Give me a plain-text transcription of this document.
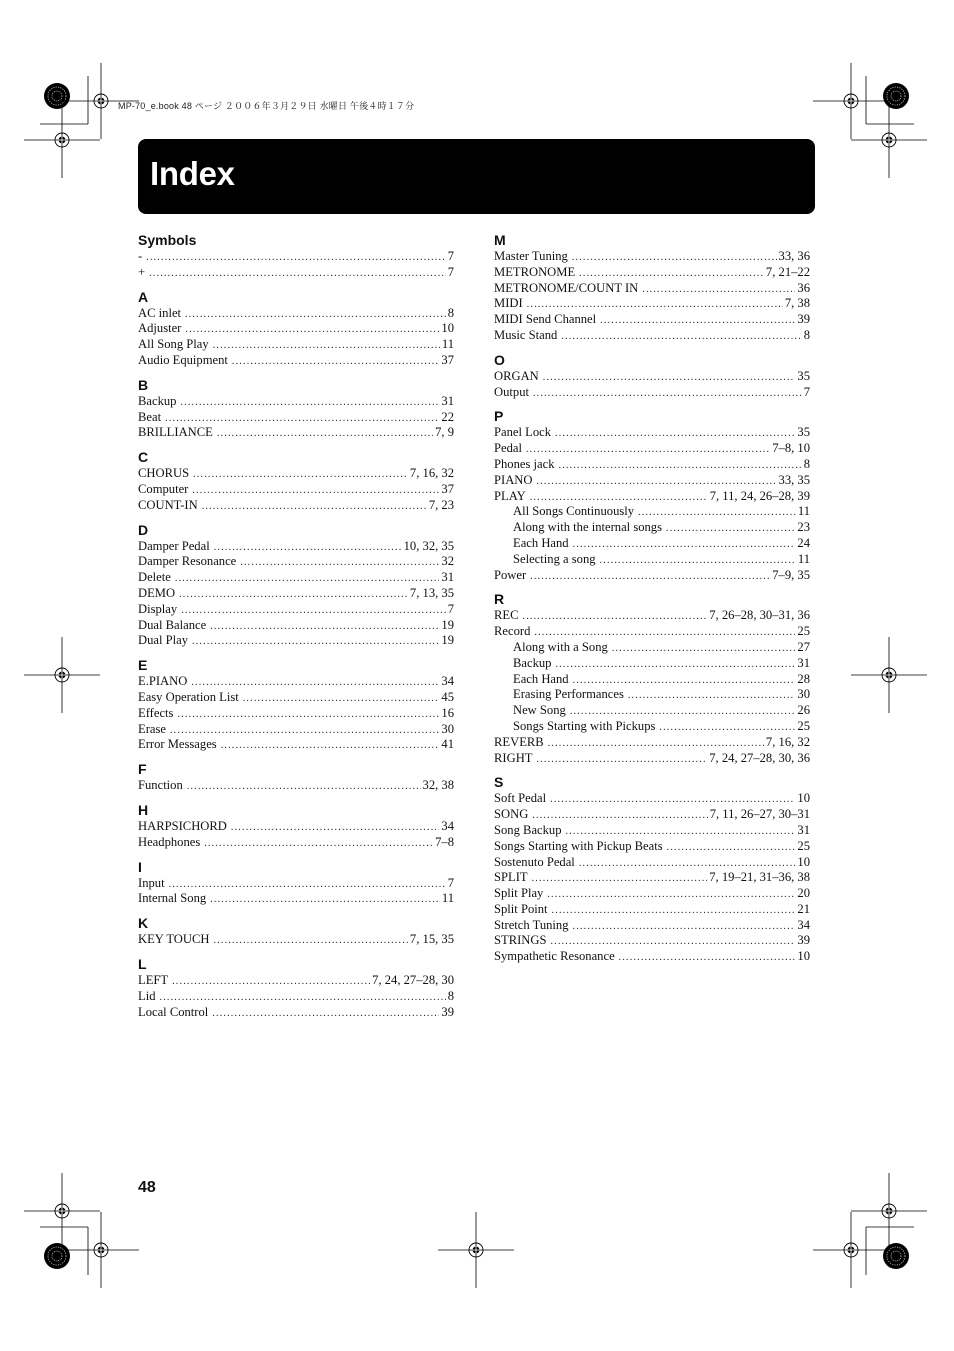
MP-70_e.book 48 ページ ２００６年３月２９日 水曜日 午後４時１７分
Index
Symbols
- .....	7
+ .....	7
A
AC inlet .....	8
Adjuster .....	10
All Song Play .....	11
Audio Equipment .....	37
B
Backup .....	31
Beat .....	22
BRILLIANCE .....	7, 9
C
CHORUS .....	7, 16, 32
Computer .....	37
COUNT-IN .....	7, 23
D
Damper Pedal .....	10, 32, 35
Damper Resonance .....	32
Delete .....	31
DEMO .....	7, 13, 35
Display .....	7
Dual Balance .....	19
Dual Play .....	19
E
E.PIANO .....	34
Easy Operation List .....	45
Effects .....	16
Erase .....	30
Error Messages .....	41
F
Function .....	32, 38
H
HARPSICHORD .....	34
Headphones .....	7–8
I
Input .....	7
Internal Song .....	11
K
KEY TOUCH .....	7, 15, 35
L
LEFT .....	7, 24, 27–28, 30
Lid .....	8
Local Control .....	39
M
Master Tuning .....	33, 36
METRONOME .....	7, 21–22
METRONOME/COUNT IN .....	36
MIDI .....	7, 38
MIDI Send Channel .....	39
Music Stand .....	8
O
ORGAN .....	35
Output .....	7
P
Panel Lock .....	35
Pedal .....	7–8, 10
Phones jack .....	8
PIANO .....	33, 35
PLAY .....	7, 11, 24, 26–28, 39
All Songs Continuously .....	11
Along with the internal songs .....	23
Each Hand .....	24
Selecting a song .....	11
Power .....	7–9, 35
R
REC .....	7, 26–28, 30–31, 36
Record .....	25
Along with a Song .....	27
Backup .....	31
Each Hand .....	28
Erasing Performances .....	30
New Song .....	26
Songs Starting with Pickups .....	25
REVERB .....	7, 16, 32
RIGHT .....	7, 24, 27–28, 30, 36
S
Soft Pedal .....	10
SONG .....	7, 11, 26–27, 30–31
Song Backup .....	31
Songs Starting with Pickup Beats .....	25
Sostenuto Pedal .....	10
SPLIT .....	7, 19–21, 31–36, 38
Split Play .....	20
Split Point .....	21
Stretch Tuning .....	34
STRINGS .....	39
Sympathetic Resonance .....	10
48
